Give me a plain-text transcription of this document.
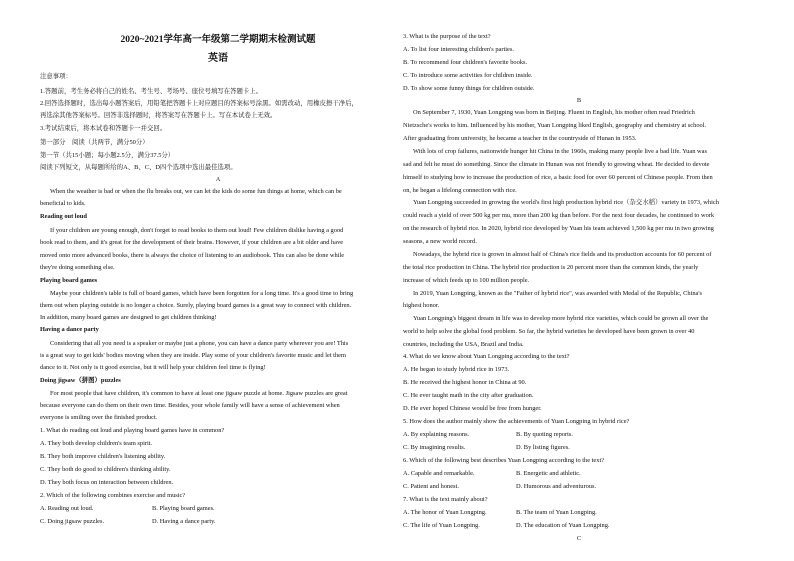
2020~2021学年高一年级第二学期期末检测试题
英语
注意事项：
1.答题前，考生务必将自己的姓名、考生号、考场号、座位号填写在答题卡上。
2.回答选择题时，选出每小题答案后，用铅笔把答题卡上对应题目的答案标号涂黑。如需改动，用橡皮擦干净后，
再选涂其他答案标号。回答非选择题时，将答案写在答题卡上。写在本试卷上无效。
3.考试结束后，将本试卷和答题卡一并交回。
第一部分　阅读（共两节，满分50分）
第一节（共15小题；每小题2.5分，满分37.5分）
阅读下列短文，从每题所给的A、B、C、D四个选项中选出最佳选项。
A
When the weather is bad or when the flu breaks out, we can let the kids do some fun things at home, which can be
beneficial to kids.
Reading out loud
If your children are young enough, don't forget to read books to them out loud! Few children dislike having a good
book read to them, and it's great for the development of their brains. However, if your children are a bit older and have
moved onto more advanced books, there is always the choice of listening to an audiobook. This can also be done while
they're doing something else.
Playing board games
Maybe your children's table is full of board games, which have been forgotten for a long time. It's a good time to bring
them out when playing outside is no longer a choice. Surely, playing board games is a great way to connect with children.
In addition, many board games are designed to get children thinking!
Having a dance party
Considering that all you need is a speaker or maybe just a phone, you can have a dance party wherever you are! This
is a great way to get kids' bodies moving when they are inside. Play some of your children's favorite music and let them
dance to it. Not only is it good exercise, but it will help your children feel time is flying!
Doing jigsaw（拼图）puzzles
For most people that have children, it's common to have at least one jigsaw puzzle at home. Jigsaw puzzles are great
because everyone can do them on their own time. Besides, your whole family will have a sense of achievement when
everyone is smiling over the finished product.
1. What do reading out loud and playing board games have in common?
A. They both develop children's team spirit.
B. They both improve children's listening ability.
C. They both do good to children's thinking ability.
D. They both focus on interaction between children.
2. Which of the following combines exercise and music?
A. Reading out loud.	B. Playing board games.
C. Doing jigsaw puzzles.	D. Having a dance party.
3. What is the purpose of the text?
A. To list four interesting children's parties.
B. To recommend four children's favorite books.
C. To introduce some activities for children inside.
D. To show some funny things for children outside.
B
On September 7, 1930, Yuan Longping was born in Beijing. Fluent in English, his mother often read Friedrich
Nietzsche's works to him. Influenced by his mother, Yuan Longping liked English, geography and chemistry at school.
After graduating from university, he became a teacher in the countryside of Hunan in 1953.
With lots of crop failures, nationwide hunger hit China in the 1960s, making many people live a bad life. Yuan was
sad and felt he must do something. Since the climate in Hunan was not friendly to growing wheat. He decided to devote
himself to studying how to increase the production of rice, a basic food for over 60 percent of Chinese people. From then
on, he began a lifelong connection with rice.
Yuan Longping succeeded in growing the world's first high production hybrid rice（杂交水稻）variety in 1973, which
could reach a yield of over 500 kg per mu, more than 200 kg than before. For the next four decades, he continued to work
on the research of hybrid rice. In 2020, hybrid rice developed by Yuan his team achieved 1,500 kg per mu in two growing
seasons, a new world record.
Nowadays, the hybrid rice is grown in almost half of China's rice fields and its production accounts for 60 percent of
the total rice production in China. The hybrid rice production is 20 percent more than the common kinds, the yearly
increase of which feeds up to 100 million people.
In 2019, Yuan Longping, known as the "Father of hybrid rice", was awarded with Medal of the Republic, China's
highest honor.
Yuan Longping's biggest dream in life was to develop more hybrid rice varieties, which could be grown all over the
world to help solve the global food problem. So far, the hybrid varieties he developed have been grown in over 40
countries, including the USA, Brazil and India.
4. What do we know about Yuan Longping according to the text?
A. He began to study hybrid rice in 1973.
B. He received the highest honor in China at 90.
C. He ever taught math in the city after graduation.
D. He ever hoped Chinese would be free from hunger.
5. How does the author mainly show the achievements of Yuan Longping in hybrid rice?
A. By explaining reasons.	B. By quoting reports.
C. By imagining results.	D. By listing figures.
6. Which of the following best describes Yuan Longping according to the text?
A. Capable and remarkable.	B. Energetic and athletic.
C. Patient and honest.	D. Humorous and adventurous.
7. What is the text mainly about?
A. The honor of Yuan Longping.	B. The team of Yuan Longping.
C. The life of Yuan Longping.	D. The education of Yuan Longping.
C
